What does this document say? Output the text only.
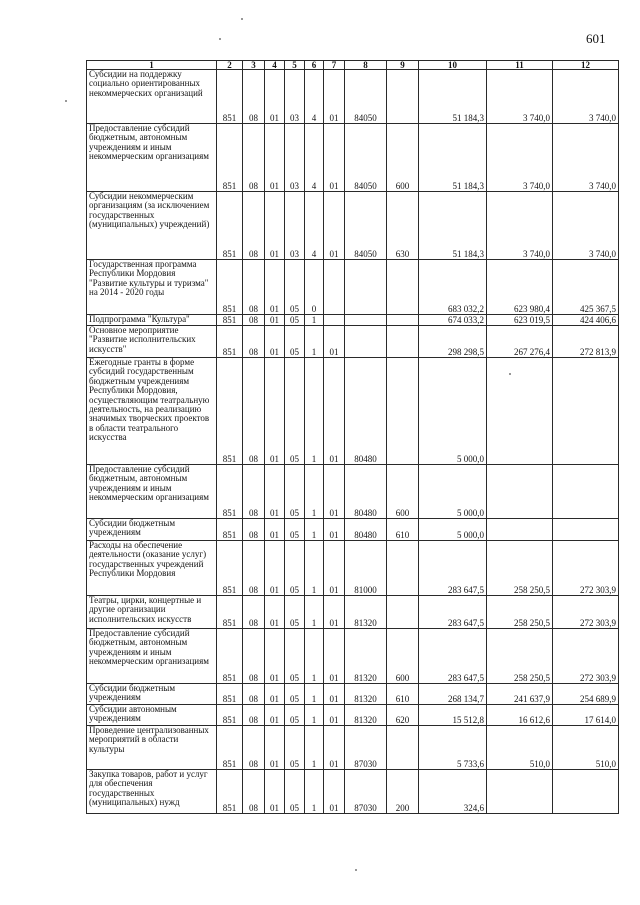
601
1	2	3	4	5	6	7	8	9	10	11	12
Субсидии на поддержку социально ориентированных некоммерческих организаций	851	08	01	03	4	01	84050		51 184,3	3 740,0	3 740,0
Предоставление субсидий бюджетным, автономным учреждениям и иным некоммерческим организациям	851	08	01	03	4	01	84050	600	51 184,3	3 740,0	3 740,0
Субсидии некоммерческим организациям (за исключением государственных (муниципальных) учреждений)	851	08	01	03	4	01	84050	630	51 184,3	3 740,0	3 740,0
Государственная программа Республики Мордовия "Развитие культуры и туризма" на 2014 - 2020 годы	851	08	01	05	0				683 032,2	623 980,4	425 367,5
Подпрограмма "Культура"	851	08	01	05	1				674 033,2	623 019,5	424 406,6
Основное мероприятие "Развитие исполнительских искусств"	851	08	01	05	1	01			298 298,5	267 276,4	272 813,9
Ежегодные гранты в форме субсидий государственным бюджетным учреждениям Республики Мордовия, осуществляющим театральную деятельность, на реализацию значимых творческих проектов в области театрального искусства	851	08	01	05	1	01	80480		5 000,0		
Предоставление субсидий бюджетным, автономным учреждениям и иным некоммерческим организациям	851	08	01	05	1	01	80480	600	5 000,0		
Субсидии бюджетным учреждениям	851	08	01	05	1	01	80480	610	5 000,0		
Расходы на обеспечение деятельности (оказание услуг) государственных учреждений Республики Мордовия	851	08	01	05	1	01	81000		283 647,5	258 250,5	272 303,9
Театры, цирки, концертные и другие организации исполнительских искусств	851	08	01	05	1	01	81320		283 647,5	258 250,5	272 303,9
Предоставление субсидий бюджетным, автономным учреждениям и иным некоммерческим организациям	851	08	01	05	1	01	81320	600	283 647,5	258 250,5	272 303,9
Субсидии бюджетным учреждениям	851	08	01	05	1	01	81320	610	268 134,7	241 637,9	254 689,9
Субсидии автономным учреждениям	851	08	01	05	1	01	81320	620	15 512,8	16 612,6	17 614,0
Проведение централизованных мероприятий в области культуры	851	08	01	05	1	01	87030		5 733,6	510,0	510,0
Закупка товаров, работ и услуг для обеспечения государственных (муниципальных) нужд	851	08	01	05	1	01	87030	200	324,6		
